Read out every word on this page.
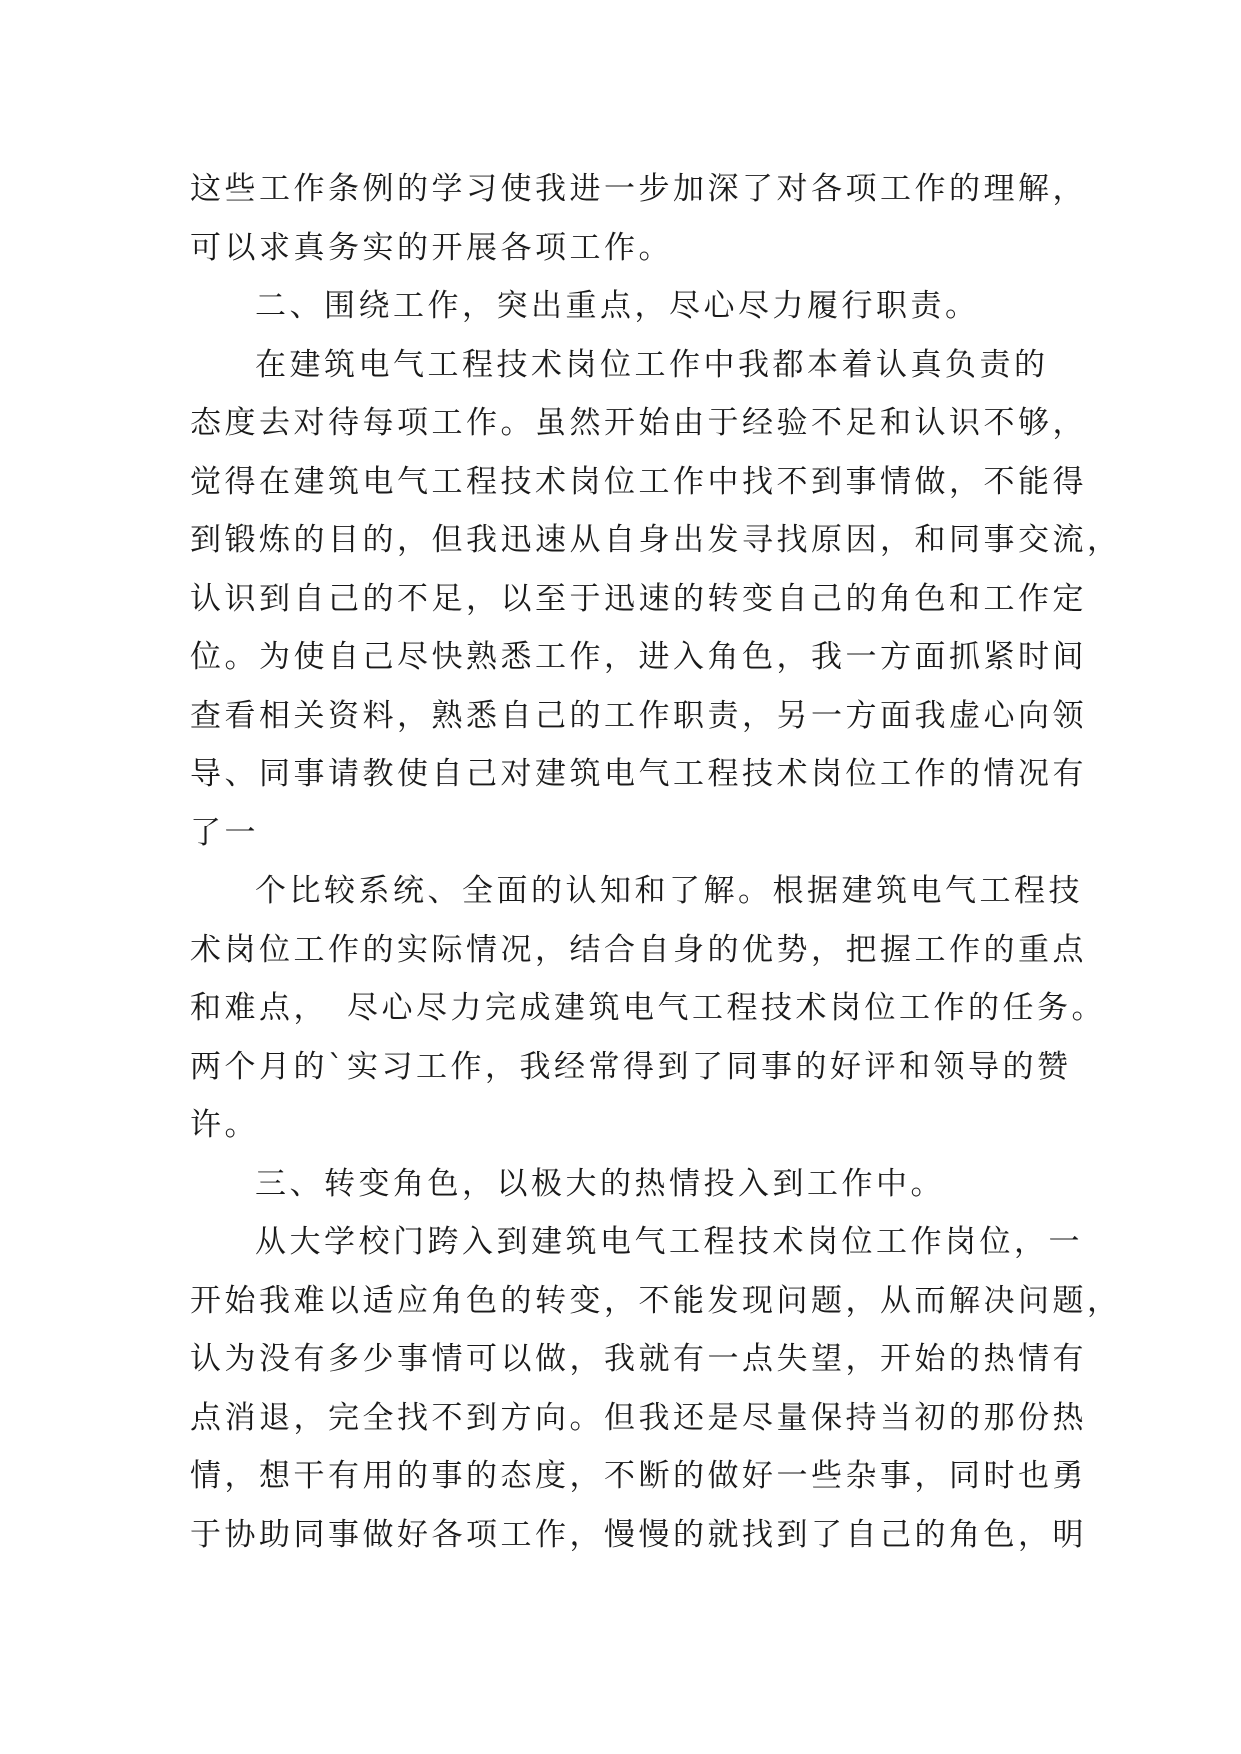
这些工作条例的学习使我进一步加深了对各项工作的理解，
可以求真务实的开展各项工作。
二、围绕工作，突出重点，尽心尽力履行职责。
在建筑电气工程技术岗位工作中我都本着认真负责的
态度去对待每项工作。虽然开始由于经验不足和认识不够，
觉得在建筑电气工程技术岗位工作中找不到事情做，不能得
到锻炼的目的，但我迅速从自身出发寻找原因，和同事交流，
认识到自己的不足，以至于迅速的转变自己的角色和工作定
位。为使自己尽快熟悉工作，进入角色，我一方面抓紧时间
查看相关资料，熟悉自己的工作职责，另一方面我虚心向领
导、同事请教使自己对建筑电气工程技术岗位工作的情况有
了一
个比较系统、全面的认知和了解。根据建筑电气工程技
术岗位工作的实际情况，结合自身的优势，把握工作的重点
和难点，　尽心尽力完成建筑电气工程技术岗位工作的任务。
两个月的`实习工作，我经常得到了同事的好评和领导的赞
许。
三、转变角色，以极大的热情投入到工作中。
从大学校门跨入到建筑电气工程技术岗位工作岗位，一
开始我难以适应角色的转变，不能发现问题，从而解决问题，
认为没有多少事情可以做，我就有一点失望，开始的热情有
点消退，完全找不到方向。但我还是尽量保持当初的那份热
情，想干有用的事的态度，不断的做好一些杂事，同时也勇
于协助同事做好各项工作，慢慢的就找到了自己的角色，明
